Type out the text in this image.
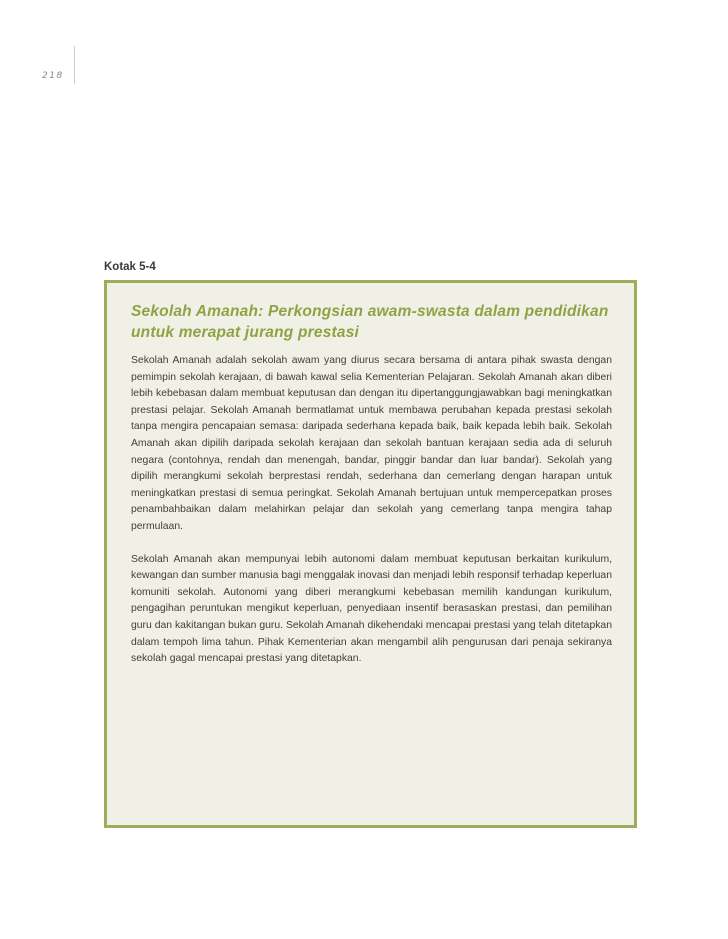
218
Kotak 5-4
Sekolah Amanah: Perkongsian awam-swasta dalam pendidikan untuk merapat jurang prestasi

Sekolah Amanah adalah sekolah awam yang diurus secara bersama di antara pihak swasta dengan pemimpin sekolah kerajaan, di bawah kawal selia Kementerian Pelajaran. Sekolah Amanah akan diberi lebih kebebasan dalam membuat keputusan dan dengan itu dipertanggungjawabkan bagi meningkatkan prestasi pelajar. Sekolah Amanah bermatlamat untuk membawa perubahan kepada prestasi sekolah tanpa mengira pencapaian semasa: daripada sederhana kepada baik, baik kepada lebih baik. Sekolah Amanah akan dipilih daripada sekolah kerajaan dan sekolah bantuan kerajaan sedia ada di seluruh negara (contohnya, rendah dan menengah, bandar, pinggir bandar dan luar bandar). Sekolah yang dipilih merangkumi sekolah berprestasi rendah, sederhana dan cemerlang dengan harapan untuk meningkatkan prestasi di semua peringkat. Sekolah Amanah bertujuan untuk mempercepatkan proses penambahbaikan dalam melahirkan pelajar dan sekolah yang cemerlang tanpa mengira tahap permulaan.

Sekolah Amanah akan mempunyai lebih autonomi dalam membuat keputusan berkaitan kurikulum, kewangan dan sumber manusia bagi menggalak inovasi dan menjadi lebih responsif terhadap keperluan komuniti sekolah. Autonomi yang diberi merangkumi kebebasan memilih kandungan kurikulum, pengagihan peruntukan mengikut keperluan, penyediaan insentif berasaskan prestasi, dan pemilihan guru dan kakitangan bukan guru. Sekolah Amanah dikehendaki mencapai prestasi yang telah ditetapkan dalam tempoh lima tahun. Pihak Kementerian akan mengambil alih pengurusan dari penaja sekiranya sekolah gagal mencapai prestasi yang ditetapkan.
